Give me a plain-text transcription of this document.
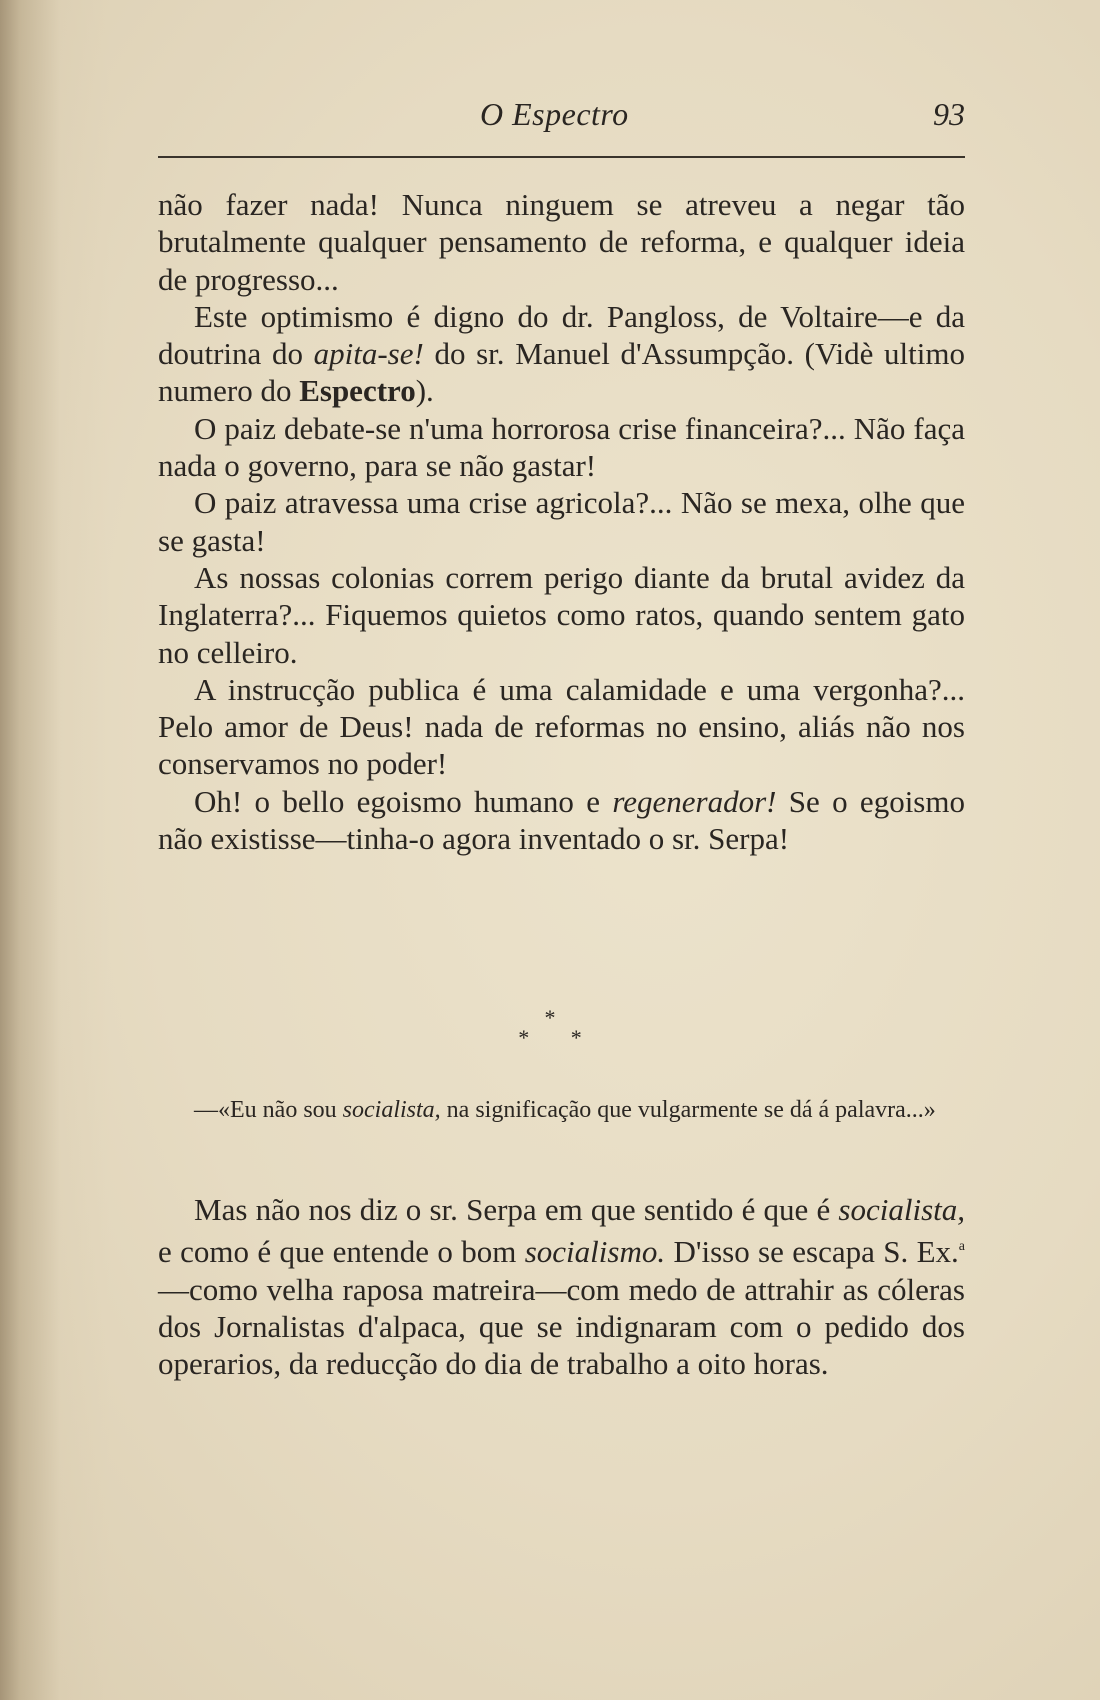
O Espectro	93

não fazer nada! Nunca ninguem se atreveu a negar tão brutalmente qualquer pensamento de reforma, e qualquer ideia de progresso...

Este optimismo é digno do dr. Pangloss, de Voltaire—e da doutrina do apita-se! do sr. Manuel d'Assumpção. (Vidè ultimo numero do Espectro).

O paiz debate-se n'uma horrorosa crise financeira?... Não faça nada o governo, para se não gastar!

O paiz atravessa uma crise agricola?... Não se mexa, olhe que se gasta!

As nossas colonias correm perigo diante da brutal avidez da Inglaterra?... Fiquemos quietos como ratos, quando sentem gato no celleiro.

A instrucção publica é uma calamidade e uma vergonha?... Pelo amor de Deus! nada de reformas no ensino, aliás não nos conservamos no poder!

Oh! o bello egoismo humano e regenerador! Se o egoismo não existisse—tinha-o agora inventado o sr. Serpa!

*
* *

—«Eu não sou socialista, na significação que vulgarmente se dá á palavra...»

Mas não nos diz o sr. Serpa em que sentido é que é socialista, e como é que entende o bom socialismo. D'isso se escapa S. Ex.$^a$—como velha raposa matreira—com medo de attrahir as cóleras dos Jornalistas d'alpaca, que se indignaram com o pedido dos operarios, da reducção do dia de trabalho a oito horas.
